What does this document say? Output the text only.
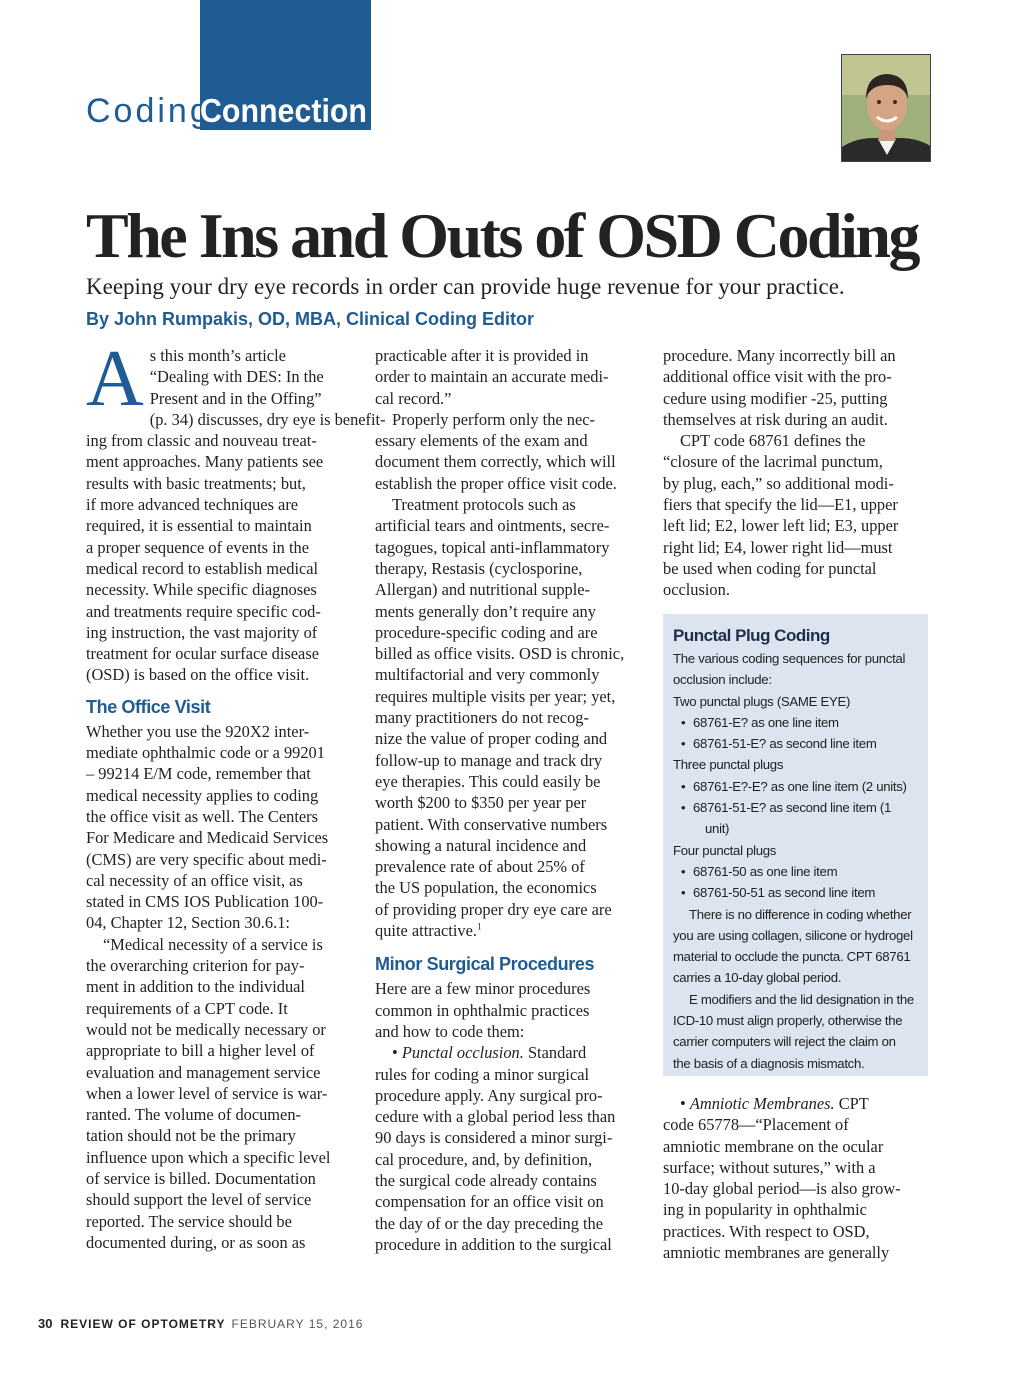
CodingConnection
The Ins and Outs of OSD Coding
Keeping your dry eye records in order can provide huge revenue for your practice.
By John Rumpakis, OD, MBA, Clinical Coding Editor

A s this month’s article
“Dealing with DES: In the
Present and in the Offing”
(p. 34) discusses, dry eye is benefit-
ing from classic and nouveau treat-
ment approaches. Many patients see
results with basic treatments; but,
if more advanced techniques are
required, it is essential to maintain
a proper sequence of events in the
medical record to establish medical
necessity. While specific diagnoses
and treatments require specific cod-
ing instruction, the vast majority of
treatment for ocular surface disease
(OSD) is based on the office visit.

The Office Visit

Whether you use the 920X2 inter-
mediate ophthalmic code or a 99201
– 99214 E/M code, remember that
medical necessity applies to coding
the office visit as well. The Centers
For Medicare and Medicaid Services
(CMS) are very specific about medi-
cal necessity of an office visit, as
stated in CMS IOS Publication 100-
04, Chapter 12, Section 30.6.1:

“Medical necessity of a service is
the overarching criterion for pay-
ment in addition to the individual
requirements of a CPT code. It
would not be medically necessary or
appropriate to bill a higher level of
evaluation and management service
when a lower level of service is war-
ranted. The volume of documen-
tation should not be the primary
influence upon which a specific level
of service is billed. Documentation
should support the level of service
reported. The service should be
documented during, or as soon as

practicable after it is provided in
order to maintain an accurate medi-
cal record.”

Properly perform only the nec-
essary elements of the exam and
document them correctly, which will
establish the proper office visit code.

Treatment protocols such as
artificial tears and ointments, secre-
tagogues, topical anti-inflammatory
therapy, Restasis (cyclosporine,
Allergan) and nutritional supple-
ments generally don’t require any
procedure-specific coding and are
billed as office visits. OSD is chronic,
multifactorial and very commonly
requires multiple visits per year; yet,
many practitioners do not recog-
nize the value of proper coding and
follow-up to manage and track dry
eye therapies. This could easily be
worth $200 to $350 per year per
patient. With conservative numbers
showing a natural incidence and
prevalence rate of about 25% of
the US population, the economics
of providing proper dry eye care are

quite attractive.$^1$

Minor Surgical Procedures

Here are a few minor procedures
common in ophthalmic practices
and how to code them:

• Punctal occlusion. Standard

rules for coding a minor surgical
procedure apply. Any surgical pro-
cedure with a global period less than
90 days is considered a minor surgi-
cal procedure, and, by definition,
the surgical code already contains
compensation for an office visit on
the day of or the day preceding the
procedure in addition to the surgical

procedure. Many incorrectly bill an
additional office visit with the pro-
cedure using modifier -25, putting
themselves at risk during an audit.

CPT code 68761 defines the
“closure of the lacrimal punctum,
by plug, each,” so additional modi-
fiers that specify the lid—E1, upper
left lid; E2, lower left lid; E3, upper
right lid; E4, lower right lid—must
be used when coding for punctal
occlusion.

Punctal Plug Coding
The various coding sequences for punctal
occlusion include:
Two punctal plugs (SAME EYE)
• 68761-E? as one line item
• 68761-51-E? as second line item
Three punctal plugs
• 68761-E?-E? as one line item (2 units)
• 68761-51-E? as second line item (1
unit)
Four punctal plugs
• 68761-50 as one line item
• 68761-50-51 as second line item
There is no difference in coding whether
you are using collagen, silicone or hydrogel
material to occlude the puncta. CPT 68761
carries a 10-day global period.
E modifiers and the lid designation in the
ICD-10 must align properly, otherwise the
carrier computers will reject the claim on
the basis of a diagnosis mismatch.

• Amniotic Membranes. CPT

code 65778—“Placement of
amniotic membrane on the ocular
surface; without sutures,” with a
10-day global period—is also grow-
ing in popularity in ophthalmic
practices. With respect to OSD,
amniotic membranes are generally

30 REVIEW OF OPTOMETRY FEBRUARY 15, 2016
